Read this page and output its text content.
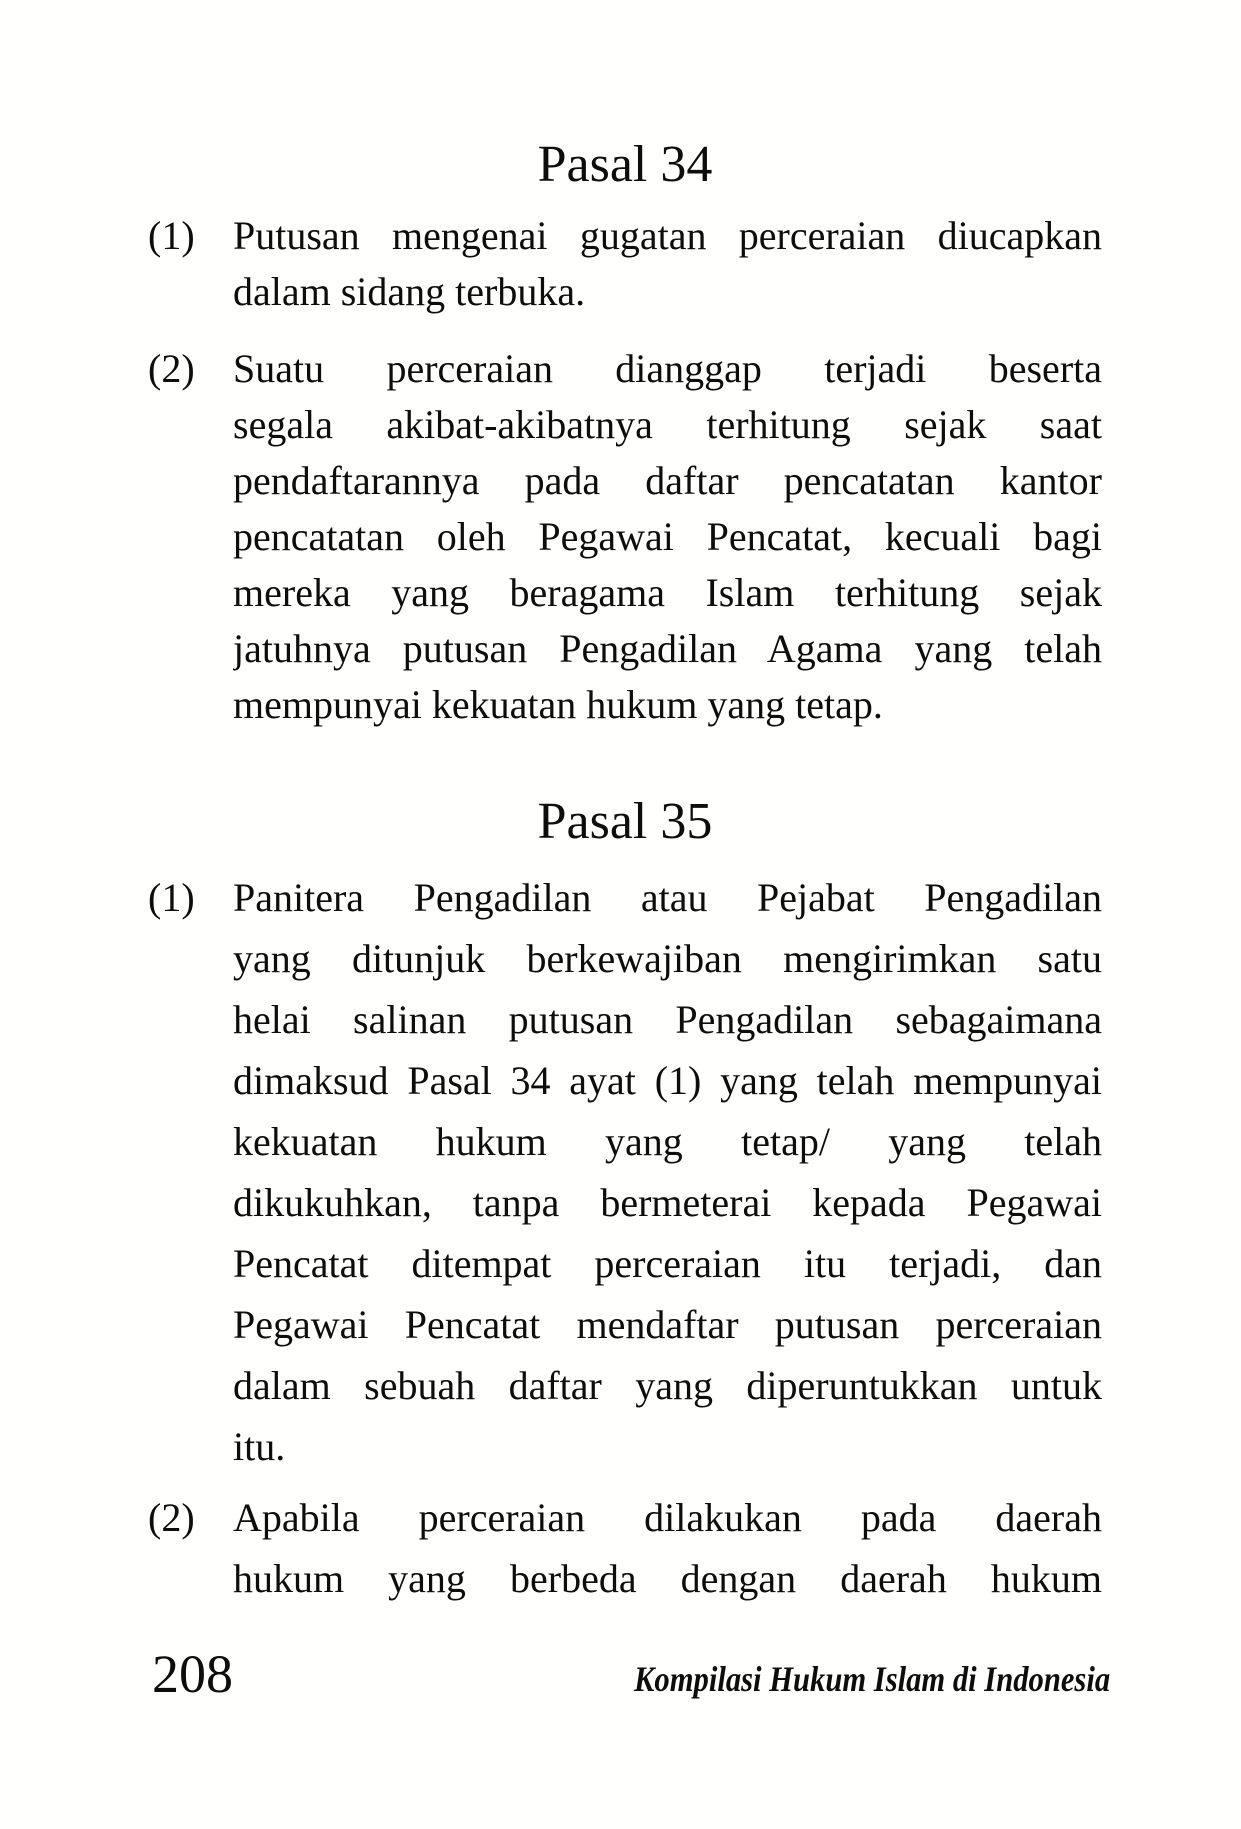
Pasal 34
(1) Putusan mengenai gugatan perceraian diucapkan
dalam sidang terbuka.
(2) Suatu perceraian dianggap terjadi beserta
segala akibat-akibatnya terhitung sejak saat
pendaftarannya pada daftar pencatatan kantor
pencatatan oleh Pegawai Pencatat, kecuali bagi
mereka yang beragama Islam terhitung sejak
jatuhnya putusan Pengadilan Agama yang telah
mempunyai kekuatan hukum yang tetap.
Pasal 35
(1) Panitera Pengadilan atau Pejabat Pengadilan
yang ditunjuk berkewajiban mengirimkan satu
helai salinan putusan Pengadilan sebagaimana
dimaksud Pasal 34 ayat (1) yang telah mempunyai
kekuatan hukum yang tetap/ yang telah
dikukuhkan, tanpa bermeterai kepada Pegawai
Pencatat ditempat perceraian itu terjadi, dan
Pegawai Pencatat mendaftar putusan perceraian
dalam sebuah daftar yang diperuntukkan untuk
itu.
(2) Apabila perceraian dilakukan pada daerah
hukum yang berbeda dengan daerah hukum
208	Kompilasi Hukum Islam di Indonesia
